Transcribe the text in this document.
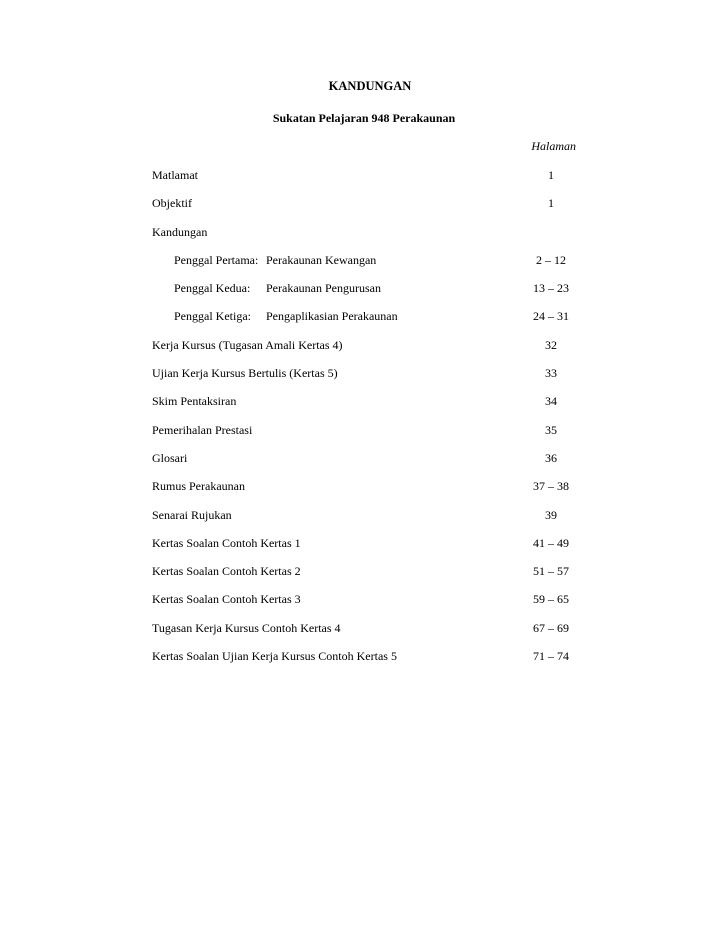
KANDUNGAN
Sukatan Pelajaran 948 Perakaunan
Halaman
Matlamat	1
Objektif	1
Kandungan
Penggal Pertama: Perakaunan Kewangan	2 – 12
Penggal Kedua: Perakaunan Pengurusan	13 – 23
Penggal Ketiga: Pengaplikasian Perakaunan	24 – 31
Kerja Kursus (Tugasan Amali Kertas 4)	32
Ujian Kerja Kursus Bertulis (Kertas 5)	33
Skim Pentaksiran	34
Pemerihalan Prestasi	35
Glosari	36
Rumus Perakaunan	37 – 38
Senarai Rujukan	39
Kertas Soalan Contoh Kertas 1	41 – 49
Kertas Soalan Contoh Kertas 2	51 – 57
Kertas Soalan Contoh Kertas 3	59 – 65
Tugasan Kerja Kursus Contoh Kertas 4	67 – 69
Kertas Soalan Ujian Kerja Kursus Contoh Kertas 5	71 – 74
